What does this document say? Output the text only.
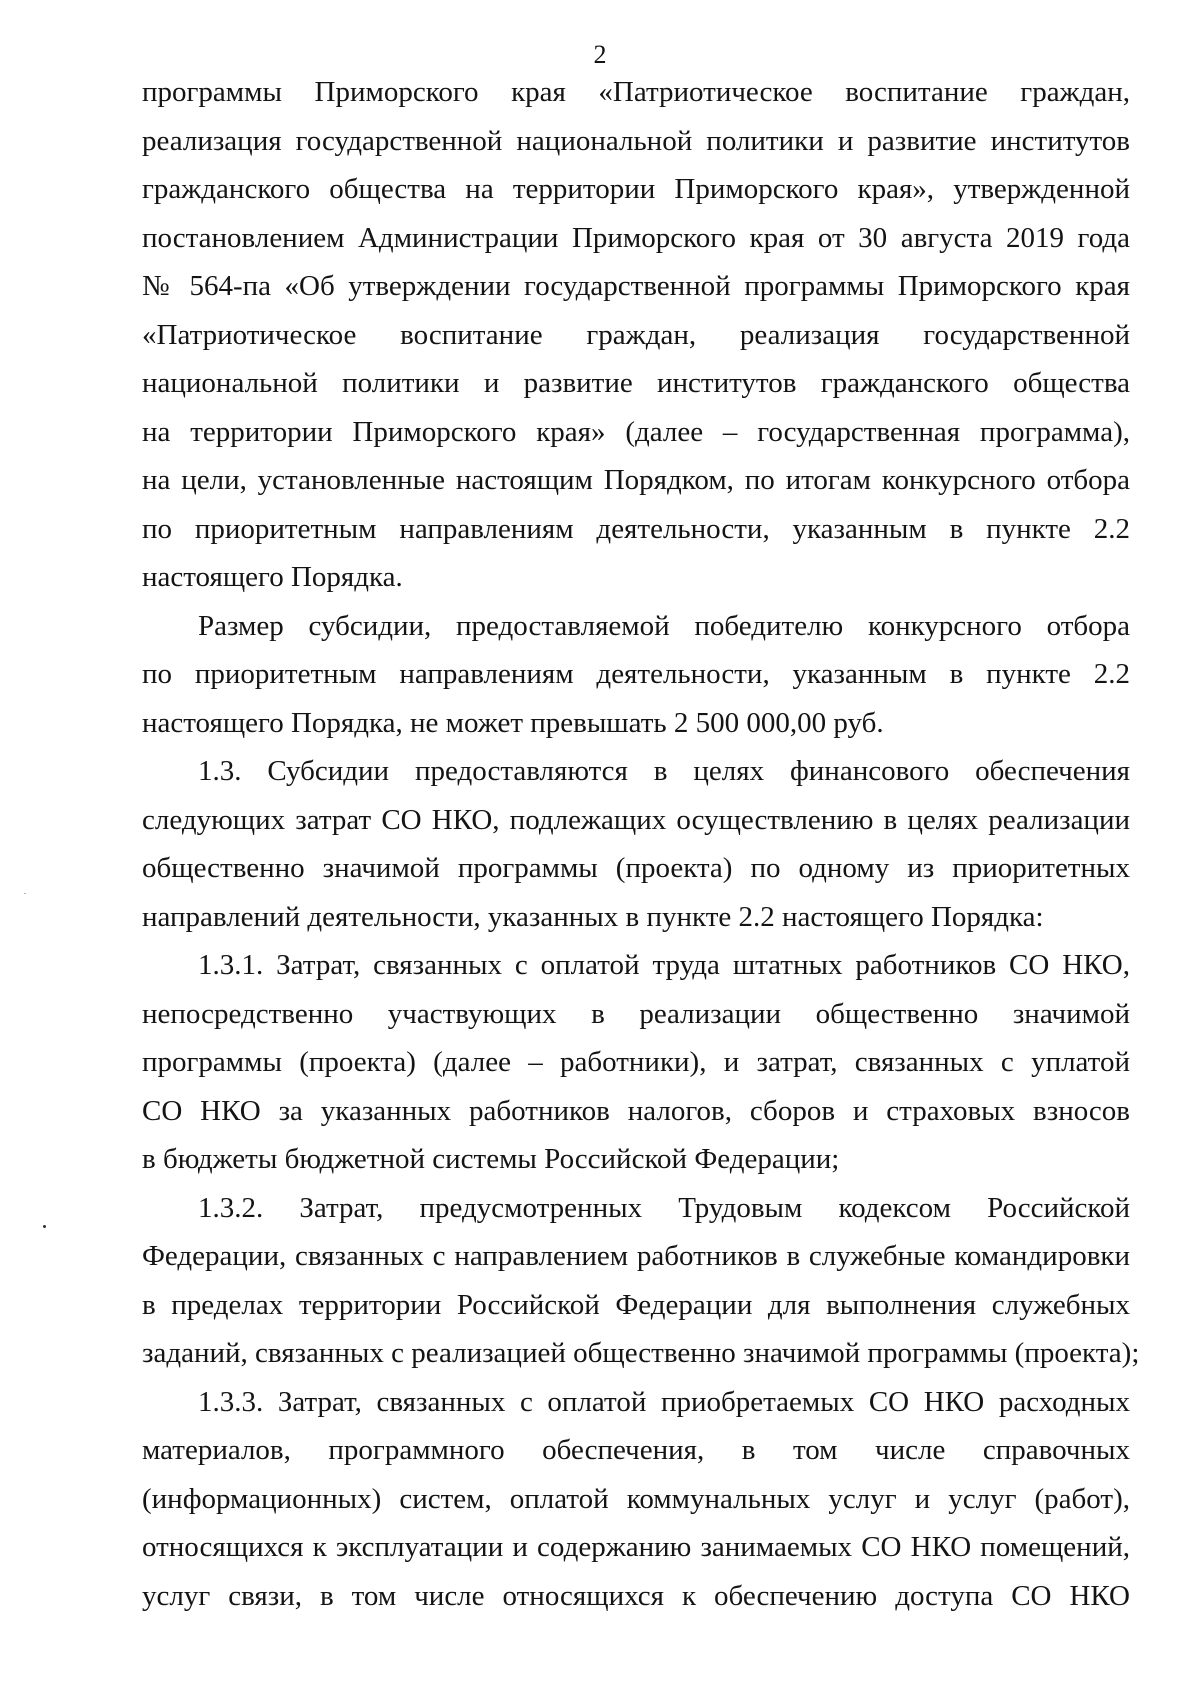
2
программы Приморского края «Патриотическое воспитание граждан,
реализация государственной национальной политики и развитие институтов
гражданского общества на территории Приморского края», утвержденной
постановлением Администрации Приморского края от 30 августа 2019 года
№ 564-па «Об утверждении государственной программы Приморского края
«Патриотическое воспитание граждан, реализация государственной
национальной политики и развитие институтов гражданского общества
на территории Приморского края» (далее – государственная программа),
на цели, установленные настоящим Порядком, по итогам конкурсного отбора
по приоритетным направлениям деятельности, указанным в пункте 2.2
настоящего Порядка.
Размер субсидии, предоставляемой победителю конкурсного отбора
по приоритетным направлениям деятельности, указанным в пункте 2.2
настоящего Порядка, не может превышать 2 500 000,00 руб.
1.3. Субсидии предоставляются в целях финансового обеспечения
следующих затрат СО НКО, подлежащих осуществлению в целях реализации
общественно значимой программы (проекта) по одному из приоритетных
направлений деятельности, указанных в пункте 2.2 настоящего Порядка:
1.3.1. Затрат, связанных с оплатой труда штатных работников СО НКО,
непосредственно участвующих в реализации общественно значимой
программы (проекта) (далее – работники), и затрат, связанных с уплатой
СО НКО за указанных работников налогов, сборов и страховых взносов
в бюджеты бюджетной системы Российской Федерации;
1.3.2. Затрат, предусмотренных Трудовым кодексом Российской
Федерации, связанных с направлением работников в служебные командировки
в пределах территории Российской Федерации для выполнения служебных
заданий, связанных с реализацией общественно значимой программы (проекта);
1.3.3. Затрат, связанных с оплатой приобретаемых СО НКО расходных
материалов, программного обеспечения, в том числе справочных
(информационных) систем, оплатой коммунальных услуг и услуг (работ),
относящихся к эксплуатации и содержанию занимаемых СО НКО помещений,
услуг связи, в том числе относящихся к обеспечению доступа СО НКО
